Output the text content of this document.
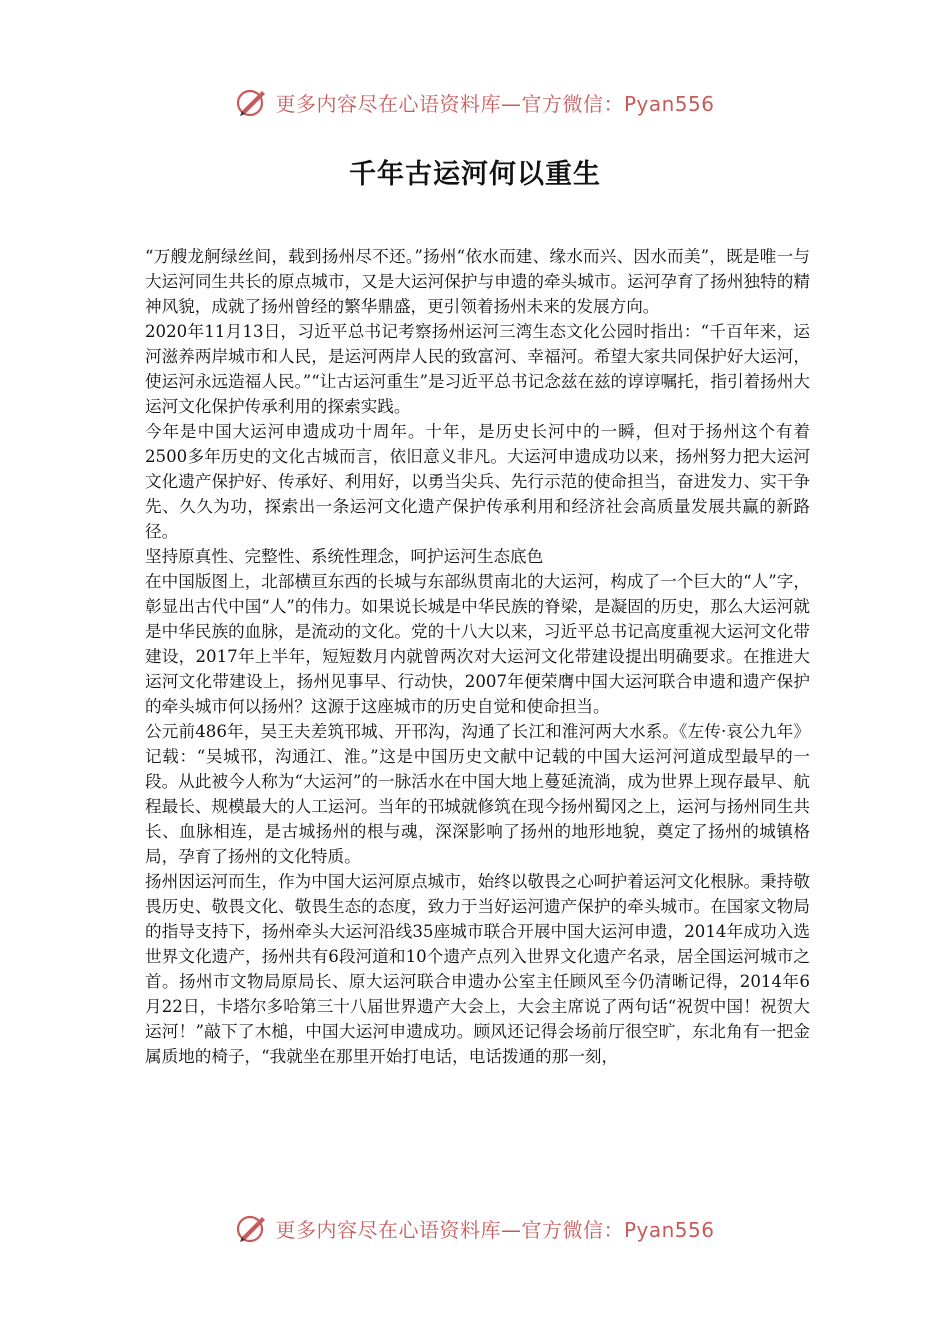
更多内容尽在心语资料库—官方微信：Pyan556
千年古运河何以重生

“万艘龙舸绿丝间，载到扬州尽不还。”扬州“依水而建、缘水而兴、因水而美”，既是唯一与大运河同生共长的原点城市，又是大运河保护与申遗的牵头城市。运河孕育了扬州独特的精神风貌，成就了扬州曾经的繁华鼎盛，更引领着扬州未来的发展方向。

2020年11月13日，习近平总书记考察扬州运河三湾生态文化公园时指出：“千百年来，运河滋养两岸城市和人民，是运河两岸人民的致富河、幸福河。希望大家共同保护好大运河，使运河永远造福人民。”“让古运河重生”是习近平总书记念兹在兹的谆谆嘱托，指引着扬州大运河文化保护传承利用的探索实践。

今年是中国大运河申遗成功十周年。十年，是历史长河中的一瞬，但对于扬州这个有着2500多年历史的文化古城而言，依旧意义非凡。大运河申遗成功以来，扬州努力把大运河文化遗产保护好、传承好、利用好，以勇当尖兵、先行示范的使命担当，奋进发力、实干争先、久久为功，探索出一条运河文化遗产保护传承利用和经济社会高质量发展共赢的新路径。

坚持原真性、完整性、系统性理念，呵护运河生态底色

在中国版图上，北部横亘东西的长城与东部纵贯南北的大运河，构成了一个巨大的“人”字，彰显出古代中国“人”的伟力。如果说长城是中华民族的脊梁，是凝固的历史，那么大运河就是中华民族的血脉，是流动的文化。党的十八大以来，习近平总书记高度重视大运河文化带建设，2017年上半年，短短数月内就曾两次对大运河文化带建设提出明确要求。在推进大运河文化带建设上，扬州见事早、行动快，2007年便荣膺中国大运河联合申遗和遗产保护的牵头城市何以扬州？这源于这座城市的历史自觉和使命担当。

公元前486年，吴王夫差筑邗城、开邗沟，沟通了长江和淮河两大水系。《左传·哀公九年》记载：“吴城邗，沟通江、淮。”这是中国历史文献中记载的中国大运河河道成型最早的一段。从此被今人称为“大运河”的一脉活水在中国大地上蔓延流淌，成为世界上现存最早、航程最长、规模最大的人工运河。当年的邗城就修筑在现今扬州蜀冈之上，运河与扬州同生共长、血脉相连，是古城扬州的根与魂，深深影响了扬州的地形地貌，奠定了扬州的城镇格局，孕育了扬州的文化特质。

扬州因运河而生，作为中国大运河原点城市，始终以敬畏之心呵护着运河文化根脉。秉持敬畏历史、敬畏文化、敬畏生态的态度，致力于当好运河遗产保护的牵头城市。在国家文物局的指导支持下，扬州牵头大运河沿线35座城市联合开展中国大运河申遗，2014年成功入选世界文化遗产，扬州共有6段河道和10个遗产点列入世界文化遗产名录，居全国运河城市之首。扬州市文物局原局长、原大运河联合申遗办公室主任顾风至今仍清晰记得，2014年6月22日，卡塔尔多哈第三十八届世界遗产大会上，大会主席说了两句话“祝贺中国！祝贺大运河！”敲下了木槌，中国大运河申遗成功。顾风还记得会场前厅很空旷，东北角有一把金属质地的椅子，“我就坐在那里开始打电话，电话拨通的那一刻，

更多内容尽在心语资料库—官方微信：Pyan556
